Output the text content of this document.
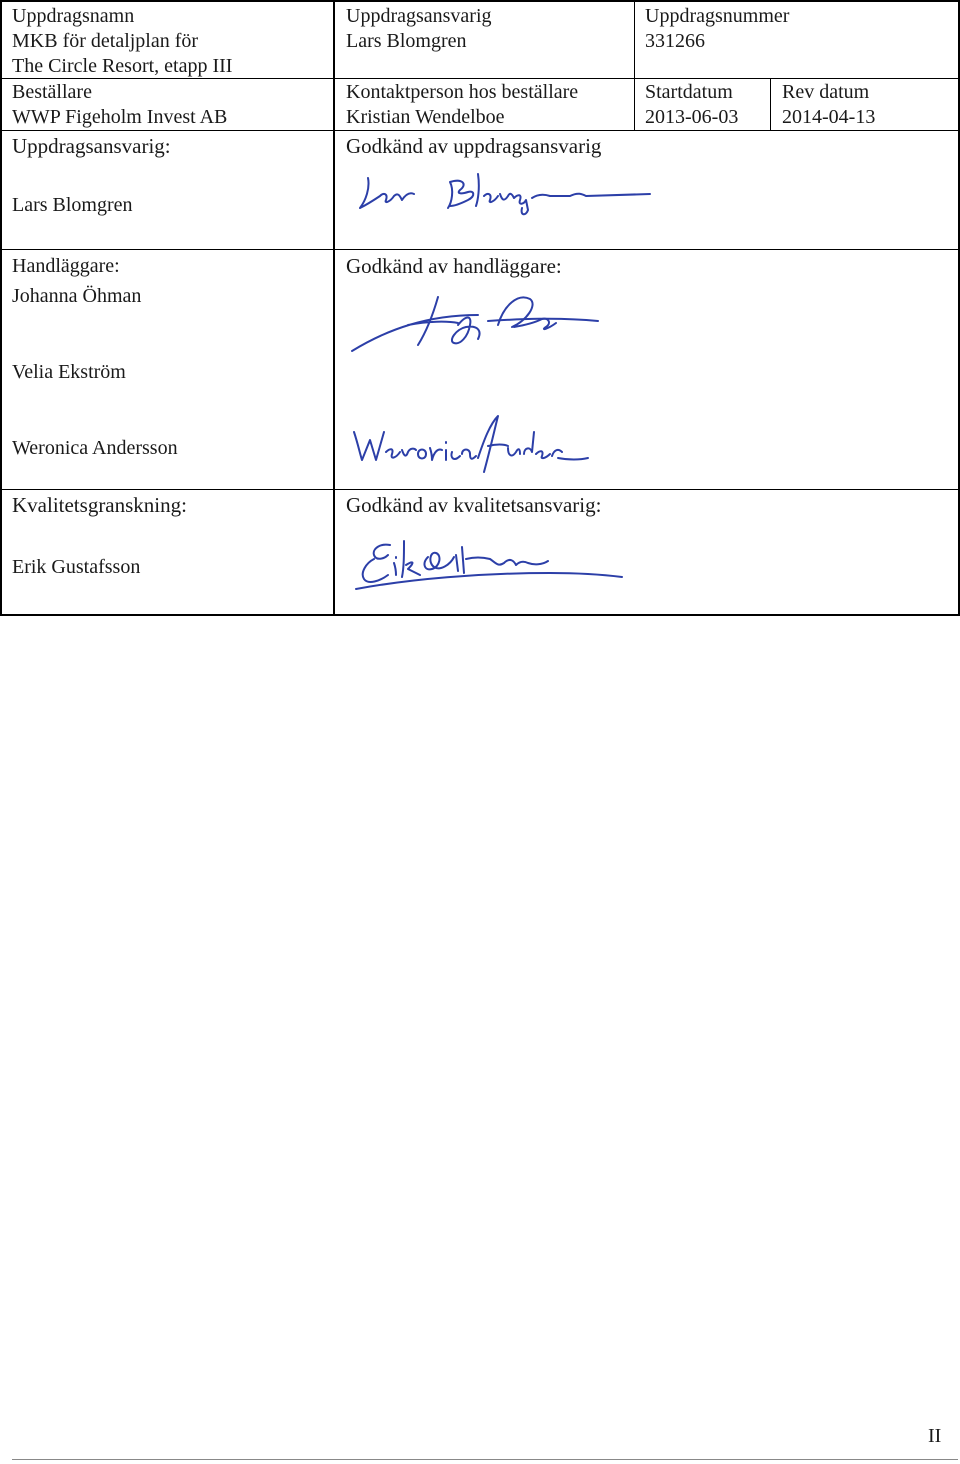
Uppdragsnamn
MKB för detaljplan för
The Circle Resort, etapp III
Uppdragsansvarig
Lars Blomgren
Uppdragsnummer
331266
Beställare
WWP Figeholm Invest AB
Kontaktperson hos beställare
Kristian Wendelboe
Startdatum
2013-06-03
Rev datum
2014-04-13
Uppdragsansvarig:
Lars Blomgren
Godkänd av uppdragsansvarig
Handläggare:
Johanna Öhman
Velia Ekström
Weronica Andersson
Godkänd av handläggare:
Kvalitetsgranskning:
Erik Gustafsson
Godkänd av kvalitetsansvarig:
II
